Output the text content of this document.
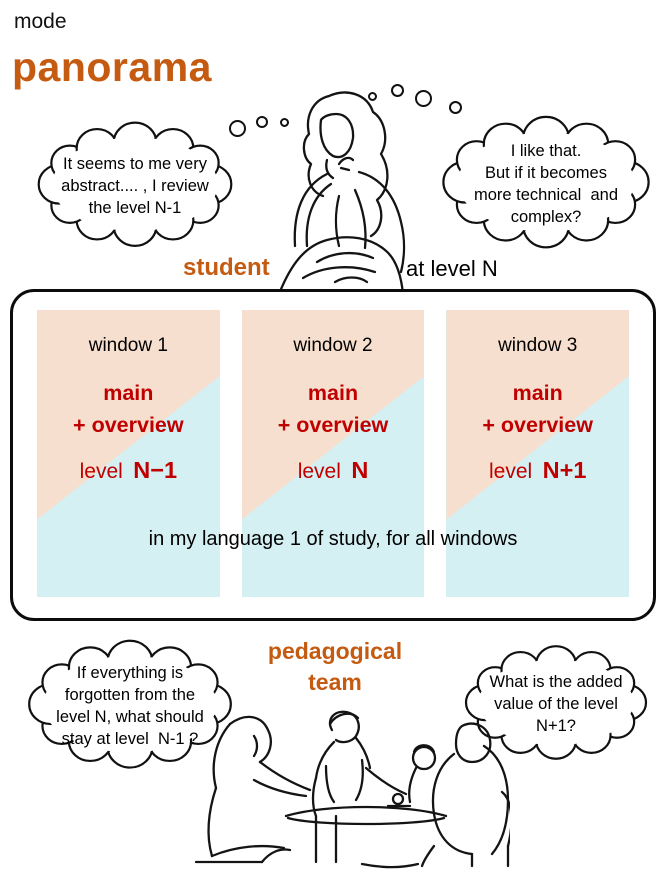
mode
panorama
It seems to me very
abstract.... , I review
the level N-1
I like that.
But if it becomes
more technical  and
complex?
student	at level N
window 1
main
+ overview
level N−1
window 2
main
+ overview
level N
window 3
main
+ overview
level N+1
in my language 1 of study, for all windows
pedagogical
team
If everything is
forgotten from the
level N, what should
stay at level  N-1 ?
What is the added
value of the level
N+1?
